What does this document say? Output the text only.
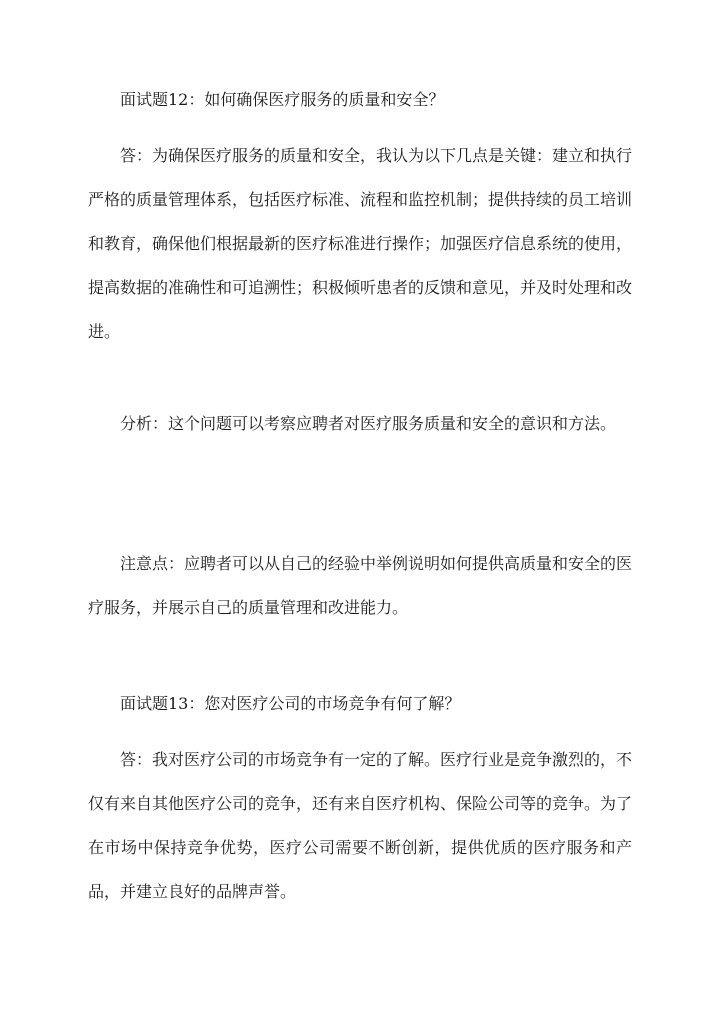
面试题12：如何确保医疗服务的质量和安全？

答：为确保医疗服务的质量和安全，我认为以下几点是关键：建立和执行严格的质量管理体系，包括医疗标准、流程和监控机制；提供持续的员工培训和教育，确保他们根据最新的医疗标准进行操作；加强医疗信息系统的使用，提高数据的准确性和可追溯性；积极倾听患者的反馈和意见，并及时处理和改进。

分析：这个问题可以考察应聘者对医疗服务质量和安全的意识和方法。

注意点：应聘者可以从自己的经验中举例说明如何提供高质量和安全的医疗服务，并展示自己的质量管理和改进能力。

面试题13：您对医疗公司的市场竞争有何了解？

答：我对医疗公司的市场竞争有一定的了解。医疗行业是竞争激烈的，不仅有来自其他医疗公司的竞争，还有来自医疗机构、保险公司等的竞争。为了在市场中保持竞争优势，医疗公司需要不断创新，提供优质的医疗服务和产品，并建立良好的品牌声誉。
